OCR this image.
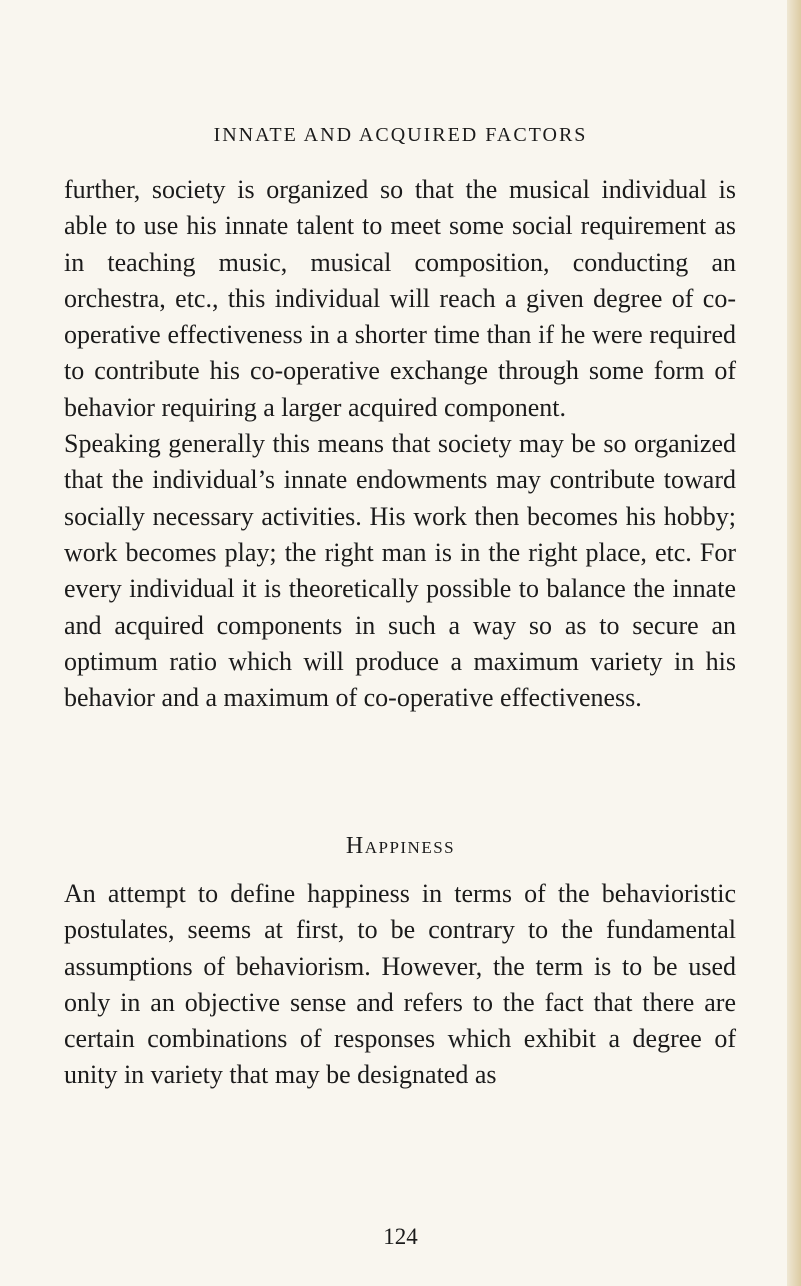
INNATE AND ACQUIRED FACTORS

further, society is organized so that the musical individual is able to use his innate talent to meet some social requirement as in teaching music, musical composition, conducting an orchestra, etc., this individual will reach a given degree of co-operative effectiveness in a shorter time than if he were required to contribute his co-operative exchange through some form of behavior requiring a larger acquired component.

Speaking generally this means that society may be so organized that the individual’s innate endowments may contribute toward socially necessary activities. His work then becomes his hobby; work becomes play; the right man is in the right place, etc. For every individual it is theoretically possible to balance the innate and acquired components in such a way so as to secure an optimum ratio which will produce a maximum variety in his behavior and a maximum of co-operative effectiveness.

Happiness

An attempt to define happiness in terms of the behavioristic postulates, seems at first, to be contrary to the fundamental assumptions of behaviorism. However, the term is to be used only in an objective sense and refers to the fact that there are certain combinations of responses which exhibit a degree of unity in variety that may be designated as

124
